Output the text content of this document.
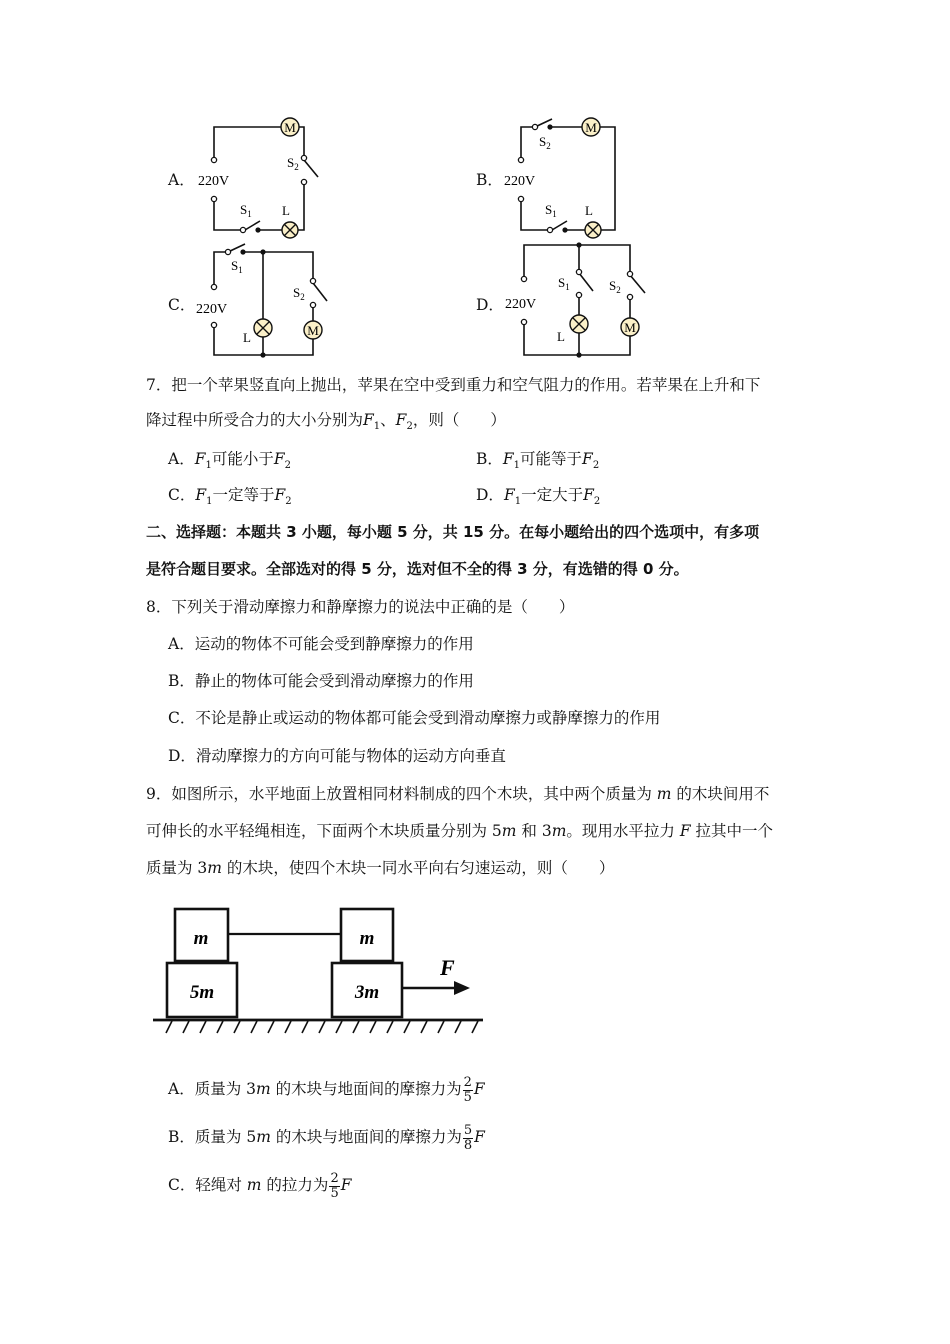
A．
M
L
220V
$S_1$
$S_2$
B．
M
L
220V
$S_1$
$S_2$
C．
L	M
220V
$S_1$
$S_2$	D．
L
M
220V
$S_1$	$S_2$
7．把一个苹果竖直向上抛出，苹果在空中受到重力和空气阻力的作用。若苹果在上升和下
降过程中所受合力的大小分别为$F_1$、$F_2$，则（　　）
A．$F_1$可能小于$F_2$	B．$F_1$可能等于$F_2$
C．$F_1$一定等于$F_2$	D．$F_1$一定大于$F_2$
二、选择题：本题共 3 小题，每小题 5 分，共 15 分。在每小题给出的四个选项中，有多项
是符合题目要求。全部选对的得 5 分，选对但不全的得 3 分，有选错的得 0 分。
8．下列关于滑动摩擦力和静摩擦力的说法中正确的是（　　）
A．运动的物体不可能会受到静摩擦力的作用
B．静止的物体可能会受到滑动摩擦力的作用
C．不论是静止或运动的物体都可能会受到滑动摩擦力或静摩擦力的作用
D．滑动摩擦力的方向可能与物体的运动方向垂直
9．如图所示，水平地面上放置相同材料制成的四个木块，其中两个质量为 m 的木块间用不
可伸长的水平轻绳相连，下面两个木块质量分别为 5m 和 3m。现用水平拉力 F 拉其中一个
质量为 3m 的木块，使四个木块一同水平向右匀速运动，则（　　）
m	m
5m	3m
F
A．质量为 3m 的木块与地面间的摩擦力为 $\frac{2}{5}$ F
B．质量为 5m 的木块与地面间的摩擦力为 $\frac{5}{8}$ F
C．轻绳对 m 的拉力为 $\frac{2}{5}$ F
